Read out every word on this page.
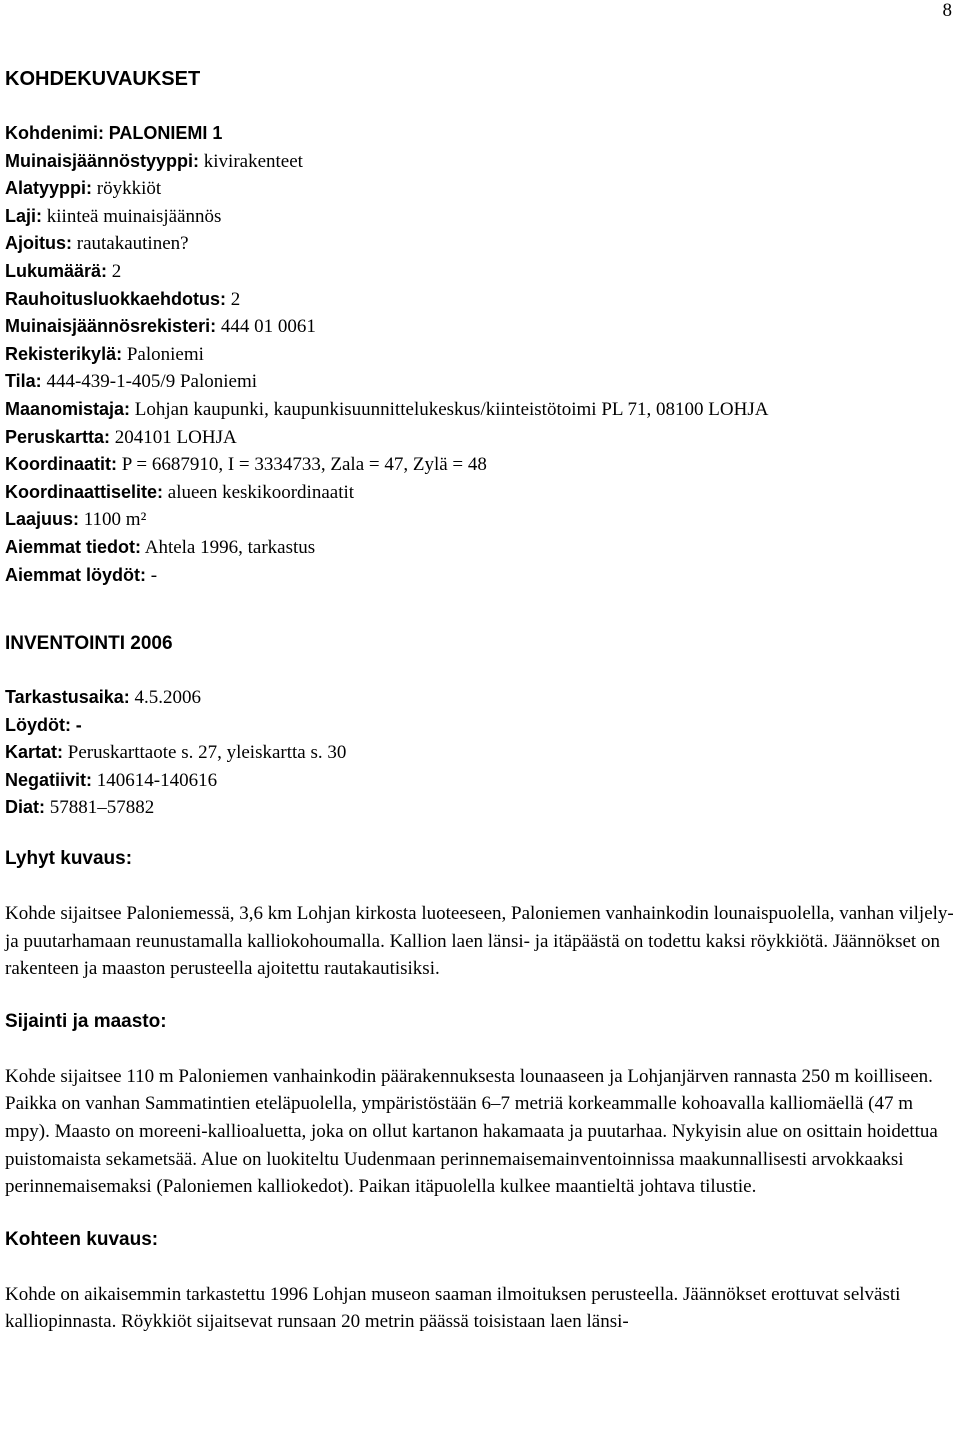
8
KOHDEKUVAUKSET
Kohdenimi: PALONIEMI 1
Muinaisjäännöstyyppi: kivirakenteet
Alatyyppi: röykkiöt
Laji: kiinteä muinaisjäännös
Ajoitus: rautakautinen?
Lukumäärä: 2
Rauhoitusluokkaehdotus: 2
Muinaisjäännösrekisteri: 444 01 0061
Rekisterikylä: Paloniemi
Tila: 444-439-1-405/9 Paloniemi
Maanomistaja: Lohjan kaupunki, kaupunkisuunnittelukeskus/kiinteistötoimi PL 71, 08100 LOHJA
Peruskartta: 204101 LOHJA
Koordinaatit: P = 6687910, I = 3334733, Zala = 47, Zylä = 48
Koordinaattiselite: alueen keskikoordinaatit
Laajuus: 1100 m²
Aiemmat tiedot: Ahtela 1996, tarkastus
Aiemmat löydöt: -
INVENTOINTI 2006
Tarkastusaika: 4.5.2006
Löydöt: -
Kartat: Peruskarttaote s. 27, yleiskartta s. 30
Negatiivit: 140614-140616
Diat: 57881–57882
Lyhyt kuvaus:

Kohde sijaitsee Paloniemessä, 3,6 km Lohjan kirkosta luoteeseen, Paloniemen vanhainkodin lounaispuolella, vanhan viljely- ja puutarhamaan reunustamalla kalliokohoumalla. Kallion laen länsi- ja itäpäästä on todettu kaksi röykkiötä. Jäännökset on rakenteen ja maaston perusteella ajoitettu rautakautisiksi.

Sijainti ja maasto:

Kohde sijaitsee 110 m Paloniemen vanhainkodin päärakennuksesta lounaaseen ja Lohjanjärven rannasta 250 m koilliseen. Paikka on vanhan Sammatintien eteläpuolella, ympäristöstään 6–7 metriä korkeammalle kohoavalla kalliomäellä (47 m mpy). Maasto on moreeni-kallioaluetta, joka on ollut kartanon hakamaata ja puutarhaa. Nykyisin alue on osittain hoidettua puistomaista sekametsää. Alue on luokiteltu Uudenmaan perinnemaisemainventoinnissa maakunnallisesti arvokkaaksi perinnemaisemaksi (Paloniemen kalliokedot). Paikan itäpuolella kulkee maantieltä johtava tilustie.

Kohteen kuvaus:

Kohde on aikaisemmin tarkastettu 1996 Lohjan museon saaman ilmoituksen perusteella. Jäännökset erottuvat selvästi kalliopinnasta. Röykkiöt sijaitsevat runsaan 20 metrin päässä toisistaan laen länsi-
